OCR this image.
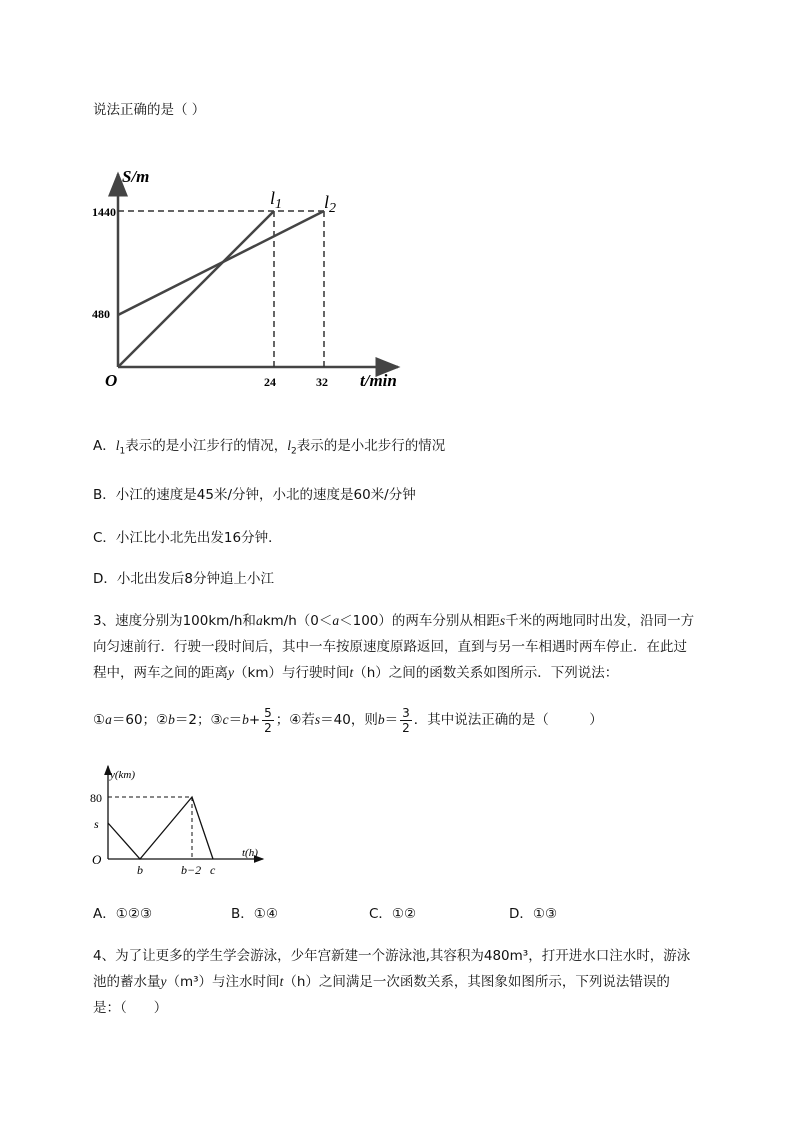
说法正确的是（ ）
S/m
t/min
O
1440
480
24	32
$l_1$ $l_2$
A．$l_1$表示的是小江步行的情况，$l_2$表示的是小北步行的情况
B．小江的速度是45米/分钟，小北的速度是60米/分钟
C．小江比小北先出发16分钟．
D．小北出发后8分钟追上小江
3、速度分别为100km/h和akm/h（0＜a＜100）的两车分别从相距s千米的两地同时出发，沿同一方
向匀速前行．行驶一段时间后，其中一车按原速度原路返回，直到与另一车相遇时两车停止．在此过
程中，两车之间的距离y（km）与行驶时间t（h）之间的函数关系如图所示．下列说法：
①a＝60；②b＝2；③c＝b+ $\frac{5}{2}$ ；④若s＝40，则$b= \frac{3}{2}$ ．其中说法正确的是（　　　）
y(km)
t(h)
O
80
s
b	b−2 c
A．①②③	B．①④	C．①②	D．①③
4、为了让更多的学生学会游泳，少年宫新建一个游泳池,其容积为480m³，打开进水口注水时，游泳
池的蓄水量y（m³）与注水时间t（h）之间满足一次函数关系，其图象如图所示，下列说法错误的
是：（　　）
